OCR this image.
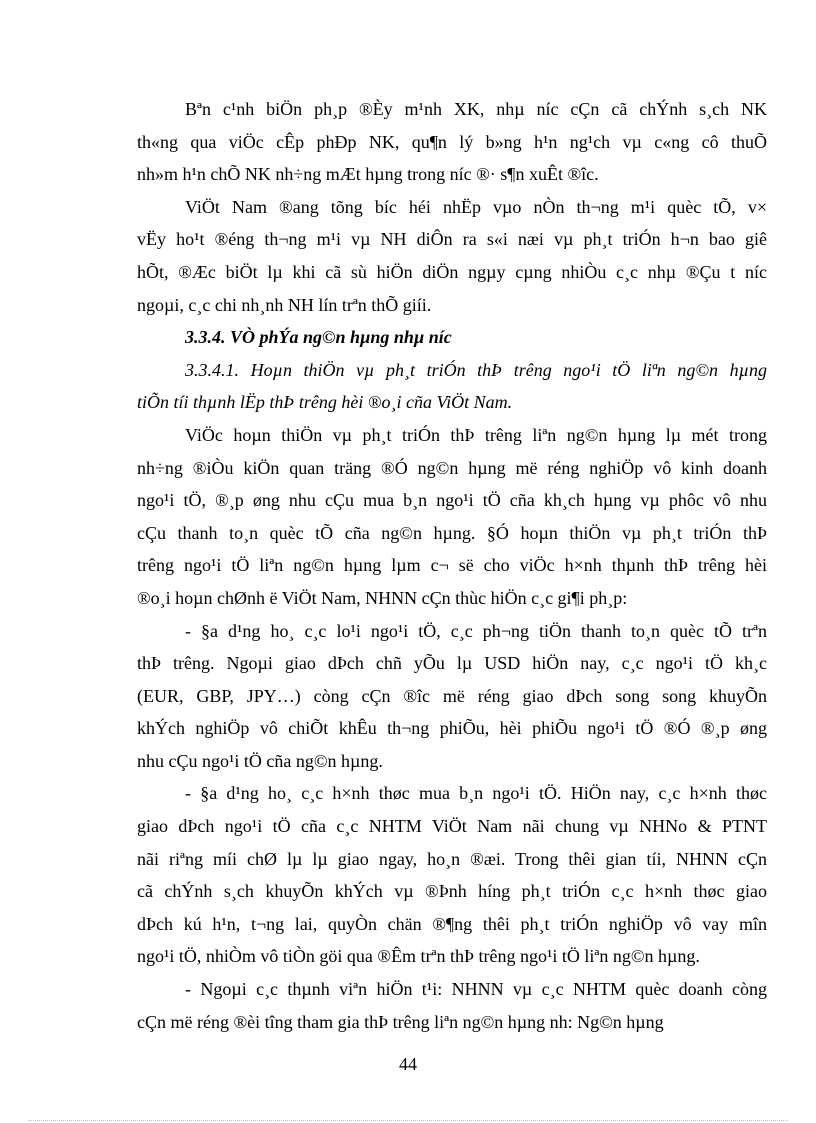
Bªn c¹nh biÖn ph¸p ®Èy m¹nh XK, nhµ níc cÇn cã chÝnh s¸ch NK
th«ng qua viÖc cÊp phÐp NK, qu¶n lý b»ng h¹n ng¹ch vµ c«ng cô thuÕ
nh»m h¹n chÕ NK nh÷ng mÆt hµng trong níc ®· s¶n xuÊt ®îc.

ViÖt Nam ®ang tõng bíc héi nhËp vµo nÒn th¬ng m¹i quèc tÕ, v×
vËy ho¹t ®éng th¬ng m¹i vµ NH diÔn ra s«i næi vµ ph¸t triÓn h¬n bao giê
hÕt, ®Æc biÖt lµ khi cã sù hiÖn diÖn ngµy cµng nhiÒu c¸c nhµ ®Çu t níc
ngoµi, c¸c chi nh¸nh NH lín trªn thÕ giíi.

3.3.4. VÒ phÝa ng©n hµng nhµ níc

3.3.4.1. Hoµn thiÖn vµ ph¸t triÓn thÞ trêng ngo¹i tÖ liªn ng©n hµng
tiÕn tíi thµnh lËp thÞ trêng hèi ®o¸i cña ViÖt Nam.

ViÖc hoµn thiÖn vµ ph¸t triÓn thÞ trêng liªn ng©n hµng lµ mét trong
nh÷ng ®iÒu kiÖn quan träng ®Ó ng©n hµng më réng nghiÖp vô kinh doanh
ngo¹i tÖ, ®¸p øng nhu cÇu mua b¸n ngo¹i tÖ cña kh¸ch hµng vµ phôc vô nhu
cÇu thanh to¸n quèc tÕ cña ng©n hµng. §Ó hoµn thiÖn vµ ph¸t triÓn thÞ
trêng ngo¹i tÖ liªn ng©n hµng lµm c¬ së cho viÖc h×nh thµnh thÞ trêng hèi
®o¸i hoµn chØnh ë ViÖt Nam, NHNN cÇn thùc hiÖn c¸c gi¶i ph¸p:

- §a d¹ng ho¸ c¸c lo¹i ngo¹i tÖ, c¸c ph¬ng tiÖn thanh to¸n quèc tÕ trªn
thÞ trêng. Ngoµi giao dÞch chñ yÕu lµ USD hiÖn nay, c¸c ngo¹i tÖ kh¸c
(EUR, GBP, JPY…) còng cÇn ®îc më réng giao dÞch song song khuyÕn
khÝch nghiÖp vô chiÕt khÊu th¬ng phiÕu, hèi phiÕu ngo¹i tÖ ®Ó ®¸p øng
nhu cÇu ngo¹i tÖ cña ng©n hµng.

- §a d¹ng ho¸ c¸c h×nh thøc mua b¸n ngo¹i tÖ. HiÖn nay, c¸c h×nh thøc
giao dÞch ngo¹i tÖ cña c¸c NHTM ViÖt Nam nãi chung vµ NHNo & PTNT
nãi riªng míi chØ lµ lµ giao ngay, ho¸n ®æi. Trong thêi gian tíi, NHNN cÇn
cã chÝnh s¸ch khuyÕn khÝch vµ ®Þnh híng ph¸t triÓn c¸c h×nh thøc giao
dÞch kú h¹n, t¬ng lai, quyÒn chän ®¶ng thêi ph¸t triÓn nghiÖp vô vay mîn
ngo¹i tÖ, nhiÒm vô tiÒn göi qua ®Êm trªn thÞ trêng ngo¹i tÖ liªn ng©n hµng.

- Ngoµi c¸c thµnh viªn hiÖn t¹i: NHNN vµ c¸c NHTM quèc doanh còng
cÇn më réng ®èi tîng tham gia thÞ trêng liªn ng©n hµng nh: Ng©n hµng

44
